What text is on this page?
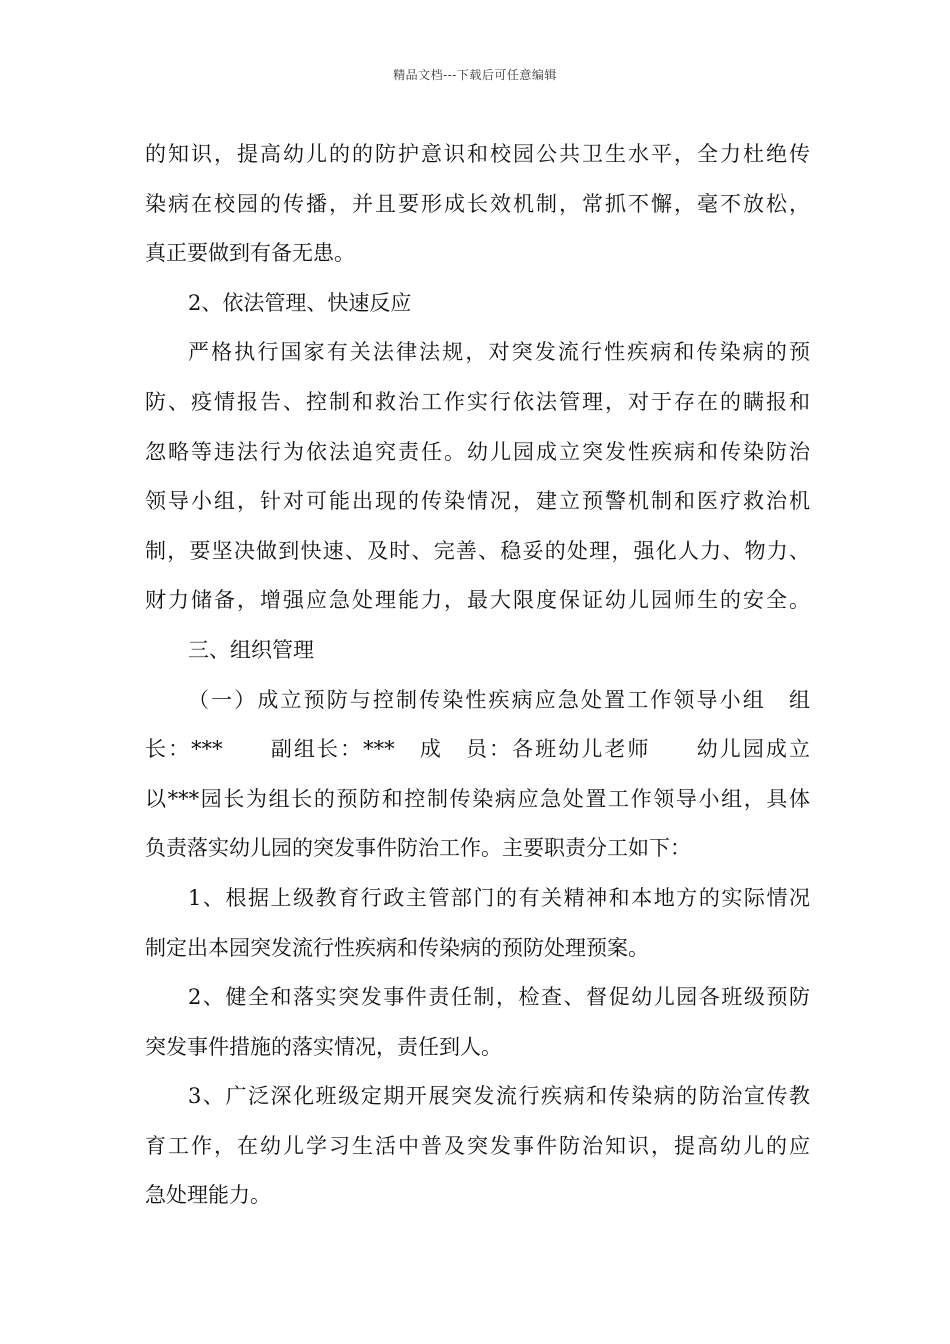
精品文档---下载后可任意编辑
的知识，提高幼儿的的防护意识和校园公共卫生水平，全力杜绝传
染病在校园的传播，并且要形成长效机制，常抓不懈，毫不放松，
真正要做到有备无患。
2、依法管理、快速反应
严格执行国家有关法律法规，对突发流行性疾病和传染病的预
防、疫情报告、控制和救治工作实行依法管理，对于存在的瞒报和
忽略等违法行为依法追究责任。幼儿园成立突发性疾病和传染防治
领导小组，针对可能出现的传染情况，建立预警机制和医疗救治机
制，要坚决做到快速、及时、完善、稳妥的处理，强化人力、物力、
财力储备，增强应急处理能力，最大限度保证幼儿园师生的安全。
三、组织管理
（一）成立预防与控制传染性疾病应急处置工作领导小组　组
长：***　　副组长：***　成　员：各班幼儿老师　　幼儿园成立
以***园长为组长的预防和控制传染病应急处置工作领导小组，具体
负责落实幼儿园的突发事件防治工作。主要职责分工如下：
1、根据上级教育行政主管部门的有关精神和本地方的实际情况
制定出本园突发流行性疾病和传染病的预防处理预案。
2、健全和落实突发事件责任制，检查、督促幼儿园各班级预防
突发事件措施的落实情况，责任到人。
3、广泛深化班级定期开展突发流行疾病和传染病的防治宣传教
育工作，在幼儿学习生活中普及突发事件防治知识，提高幼儿的应
急处理能力。
